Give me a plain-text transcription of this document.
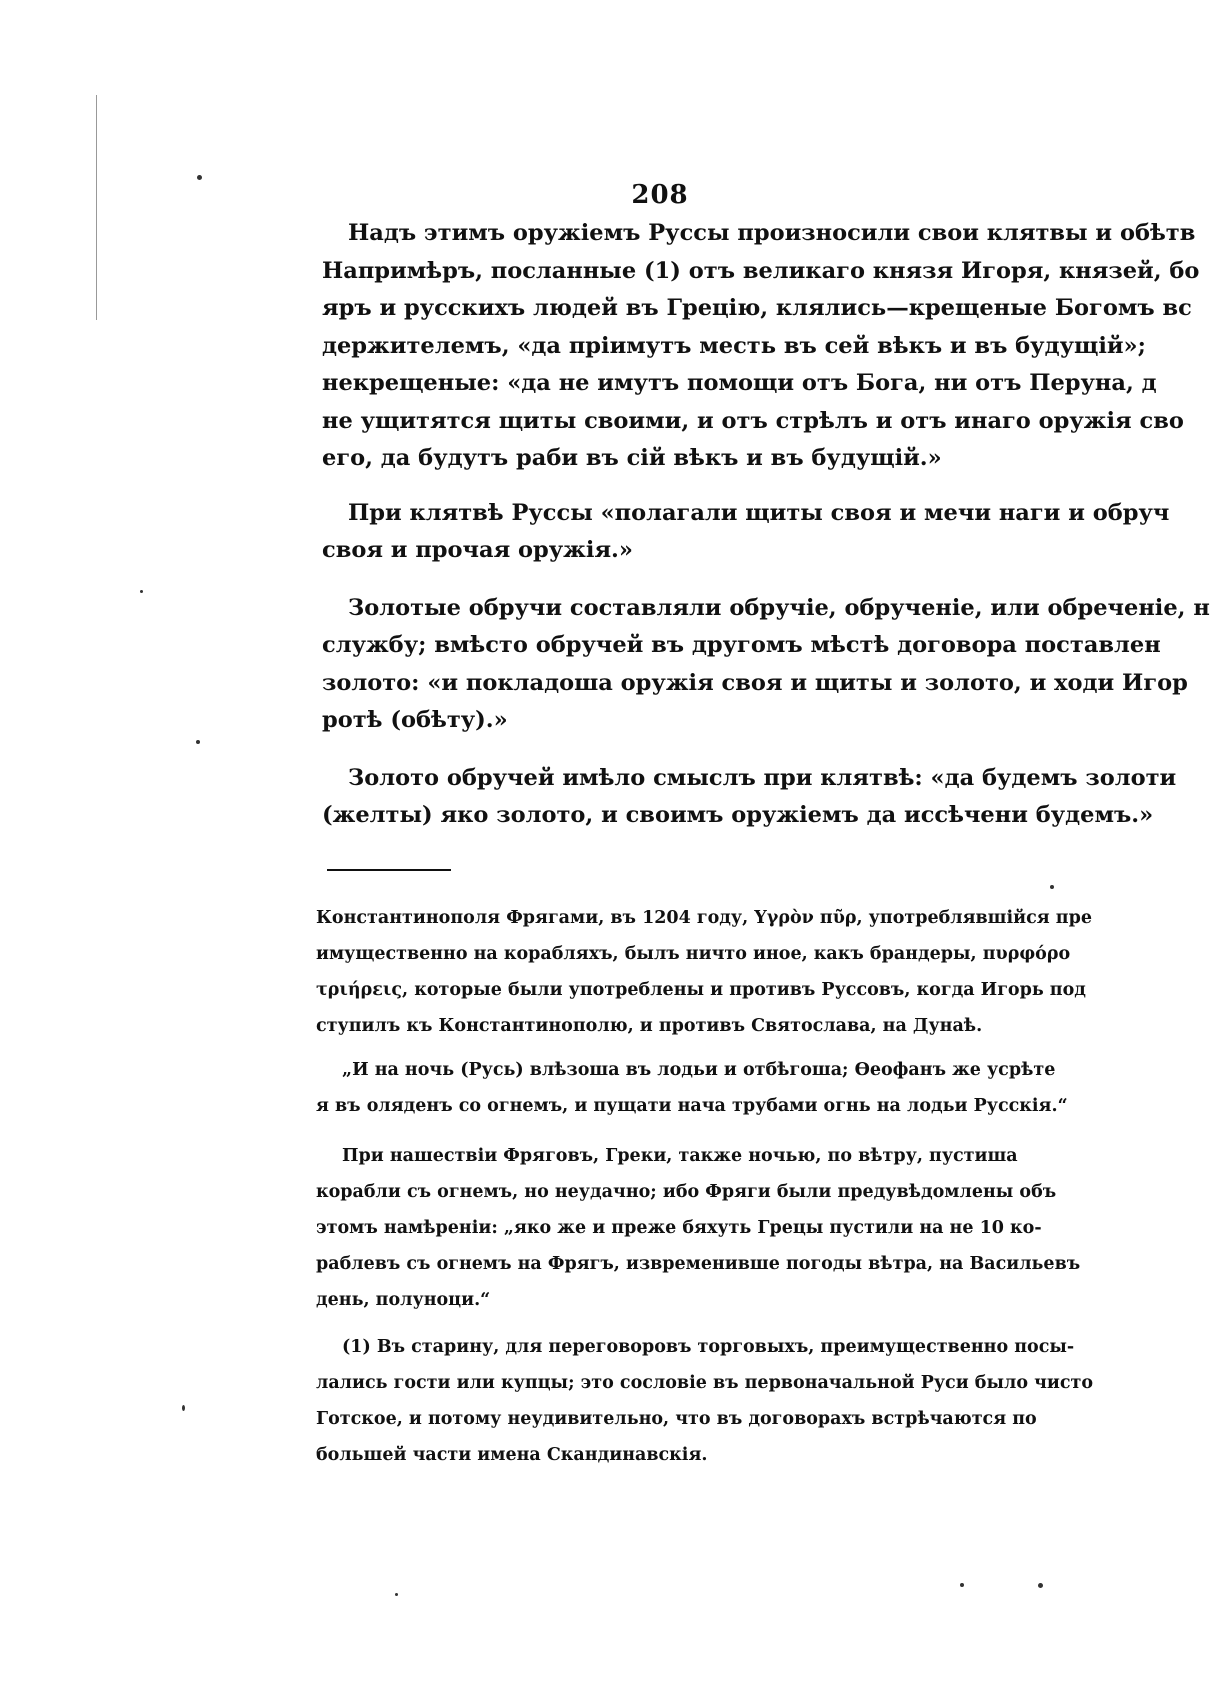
208

Надъ этимъ оружіемъ Руссы произносили свои клятвы и обѣтв

Напримѣръ, посланные (1) отъ великаго князя Игоря, князей, бо

яръ и русскихъ людей въ Грецію, клялись—крещеные Богомъ вс

держителемъ, «да пріимутъ месть въ сей вѣкъ и въ будущій»;

некрещеные: «да не имутъ помощи отъ Бога, ни отъ Перуна, д

не ущитятся щиты своими, и отъ стрѣлъ и отъ инаго оружія сво

его, да будутъ раби въ сій вѣкъ и въ будущій.»

При клятвѣ Руссы «полагали щиты своя и мечи наги и обруч

своя и прочая оружія.»

Золотые обручи составляли обручіе, обрученіе, или обреченіе, н

службу; вмѣсто обручей въ другомъ мѣстѣ договора поставлен

золото: «и покладоша оружія своя и щиты и золото, и ходи Игор

ротѣ (обѣту).»

Золото обручей имѣло смыслъ при клятвѣ: «да будемъ золоти

(желты) яко золото, и своимъ оружіемъ да иссѣчени будемъ.»

Константинополя Фрягами, въ 1204 году, Υγρὸν πῦρ, употреблявшійся пре

имущественно на корабляхъ, былъ ничто иное, какъ брандеры, πυρφόρο

τριήρεις, которые были употреблены и противъ Руссовъ, когда Игорь под

ступилъ къ Константинополю, и противъ Святослава, на Дунаѣ.

„И на ночь (Русь) влѣзоша въ лодьи и отбѣгоша; Ѳеофанъ же усрѣте

я въ оляденъ со огнемъ, и пущати нача трубами огнь на лодьи Русскія.“

При нашествіи Фряговъ, Греки, также ночью, по вѣтру, пустиша

корабли съ огнемъ, но неудачно; ибо Фряги были предувѣдомлены объ

этомъ намѣреніи: „яко же и преже бяхуть Грецы пустили на не 10 ко-

раблевъ съ огнемъ на Фрягъ, извременивше погоды вѣтра, на Васильевъ

день, полуноци.“

(1) Въ старину, для переговоровъ торговыхъ, преимущественно посы-

лались гости или купцы; это сословіе въ первоначальной Руси было чисто

Готское, и потому неудивительно, что въ договорахъ встрѣчаются по

большей части имена Скандинавскія.
